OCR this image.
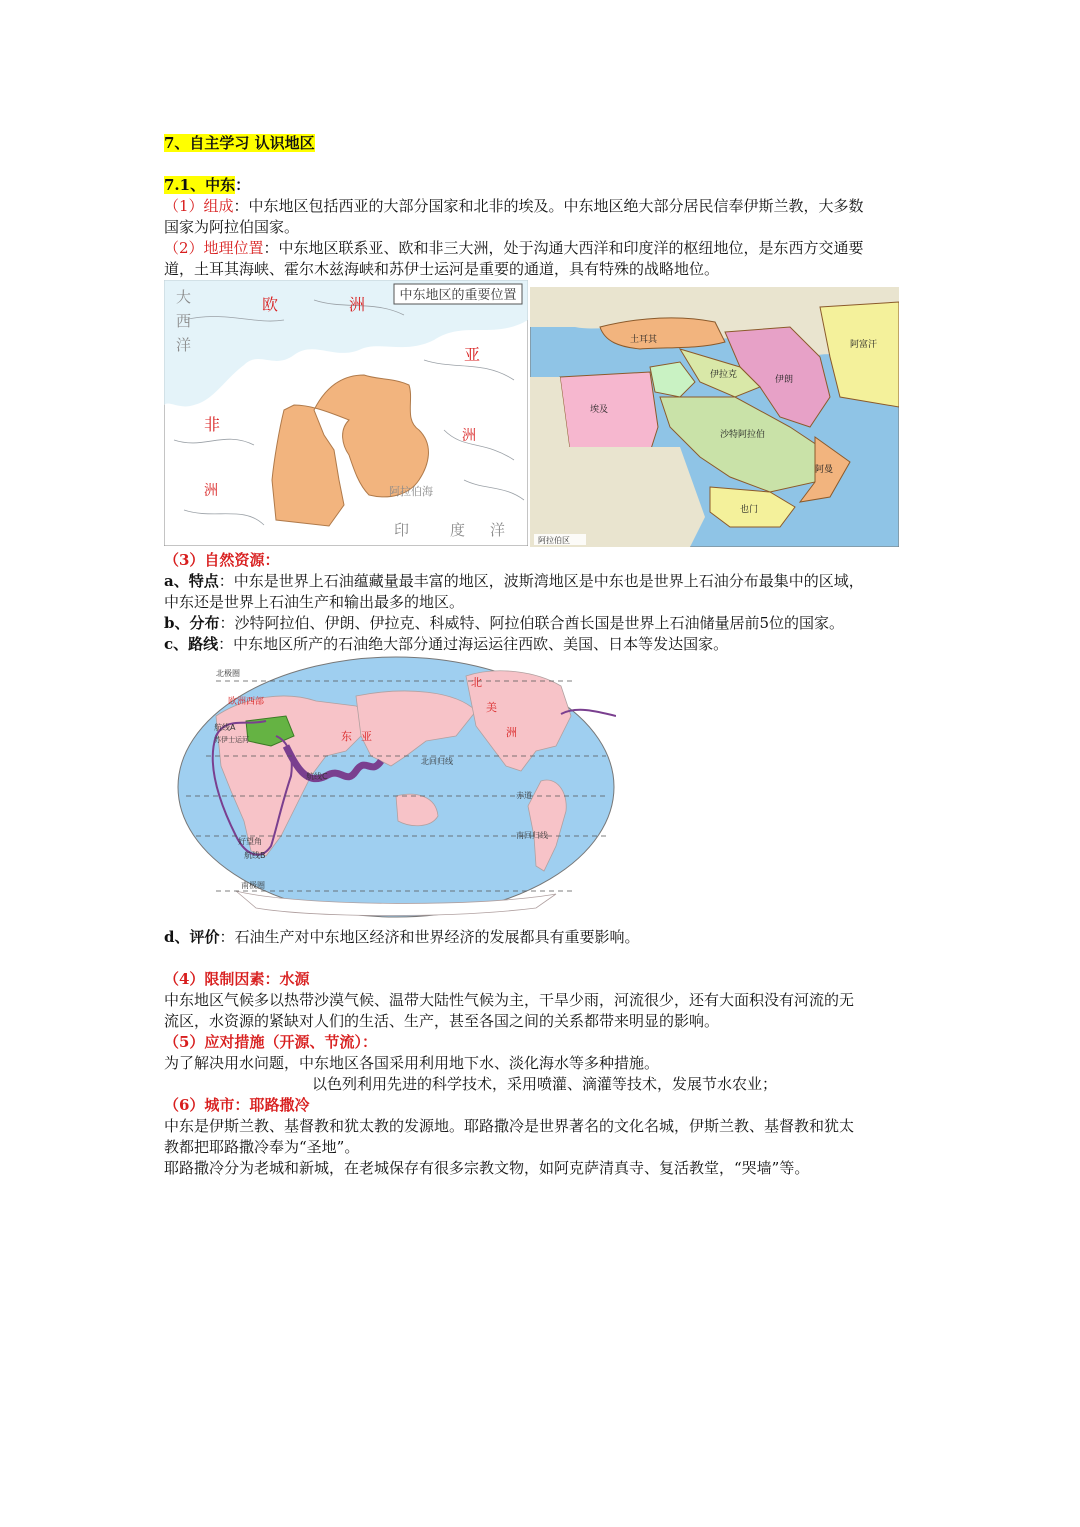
7、自主学习 认识地区
7.1、中东：
（1）组成：中东地区包括西亚的大部分国家和北非的埃及。中东地区绝大部分居民信奉伊斯兰教，大多数
国家为阿拉伯国家。
（2）地理位置：中东地区联系亚、欧和非三大洲，处于沟通大西洋和印度洋的枢纽地位，是东西方交通要
道，土耳其海峡、霍尔木兹海峡和苏伊士运河是重要的通道，具有特殊的战略地位。
中东地区的重要位置
大
西
洋
欧	洲
亚
非
洲
洲
阿拉伯海
印	度 洋
土耳其
伊朗
伊拉克
沙特阿拉伯
埃及
阿曼
也门
阿富汗
阿拉伯区
（3）自然资源：
a、特点：中东是世界上石油蕴藏量最丰富的地区，波斯湾地区是中东也是世界上石油分布最集中的区域，
中东还是世界上石油生产和输出最多的地区。
b、分布：沙特阿拉伯、伊朗、伊拉克、科威特、阿拉伯联合酋长国是世界上石油储量居前5位的国家。
c、路线：中东地区所产的石油绝大部分通过海运运往西欧、美国、日本等发达国家。
北极圈
欧洲西部
航线A
苏伊士运河
航线C
东 亚
北
美
洲
北回归线
赤道
南回归线
好望角
航线B
南极圈
d、评价：石油生产对中东地区经济和世界经济的发展都具有重要影响。
（4）限制因素：水源
中东地区气候多以热带沙漠气候、温带大陆性气候为主，干旱少雨，河流很少，还有大面积没有河流的无
流区，水资源的紧缺对人们的生活、生产，甚至各国之间的关系都带来明显的影响。
（5）应对措施（开源、节流）：
为了解决用水问题，中东地区各国采用利用地下水、淡化海水等多种措施。
以色列利用先进的科学技术，采用喷灌、滴灌等技术，发展节水农业；
（6）城市：耶路撒冷
中东是伊斯兰教、基督教和犹太教的发源地。耶路撒冷是世界著名的文化名城，伊斯兰教、基督教和犹太
教都把耶路撒冷奉为“圣地”。
耶路撒冷分为老城和新城，在老城保存有很多宗教文物，如阿克萨清真寺、复活教堂，“哭墙”等。
